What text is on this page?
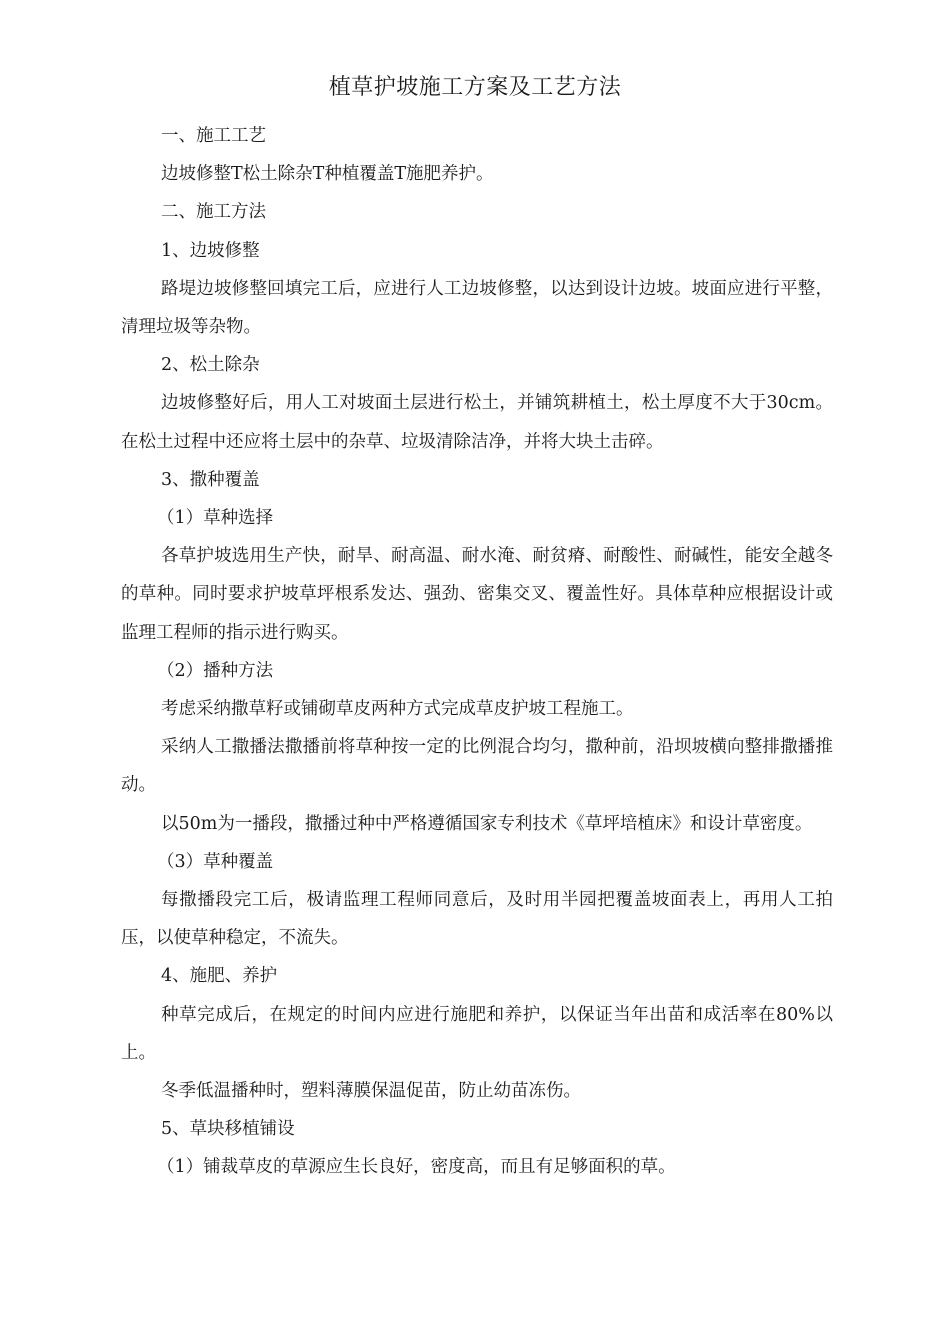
植草护坡施工方案及工艺方法

一、施工工艺

边坡修整T松土除杂T种植覆盖T施肥养护。

二、施工方法

1、边坡修整

路堤边坡修整回填完工后，应进行人工边坡修整，以达到设计边坡。坡面应进行平整，清理垃圾等杂物。

2、松土除杂

边坡修整好后，用人工对坡面土层进行松土，并铺筑耕植土，松土厚度不大于30cm。在松土过程中还应将土层中的杂草、垃圾清除洁净，并将大块土击碎。

3、撒种覆盖

（1）草种选择

各草护坡选用生产快，耐旱、耐高温、耐水淹、耐贫瘠、耐酸性、耐碱性，能安全越冬的草种。同时要求护坡草坪根系发达、强劲、密集交叉、覆盖性好。具体草种应根据设计或监理工程师的指示进行购买。

（2）播种方法

考虑采纳撒草籽或铺砌草皮两种方式完成草皮护坡工程施工。

采纳人工撒播法撒播前将草种按一定的比例混合均匀，撒种前，沿坝坡横向整排撒播推动。

以50m为一播段，撒播过种中严格遵循国家专利技术《草坪培植床》和设计草密度。

（3）草种覆盖

每撒播段完工后，极请监理工程师同意后，及时用半园把覆盖坡面表上，再用人工拍压，以使草种稳定，不流失。

4、施肥、养护

种草完成后，在规定的时间内应进行施肥和养护，以保证当年出苗和成活率在80%以上。

冬季低温播种时，塑料薄膜保温促苗，防止幼苗冻伤。

5、草块移植铺设

（1）铺裁草皮的草源应生长良好，密度高，而且有足够面积的草。
